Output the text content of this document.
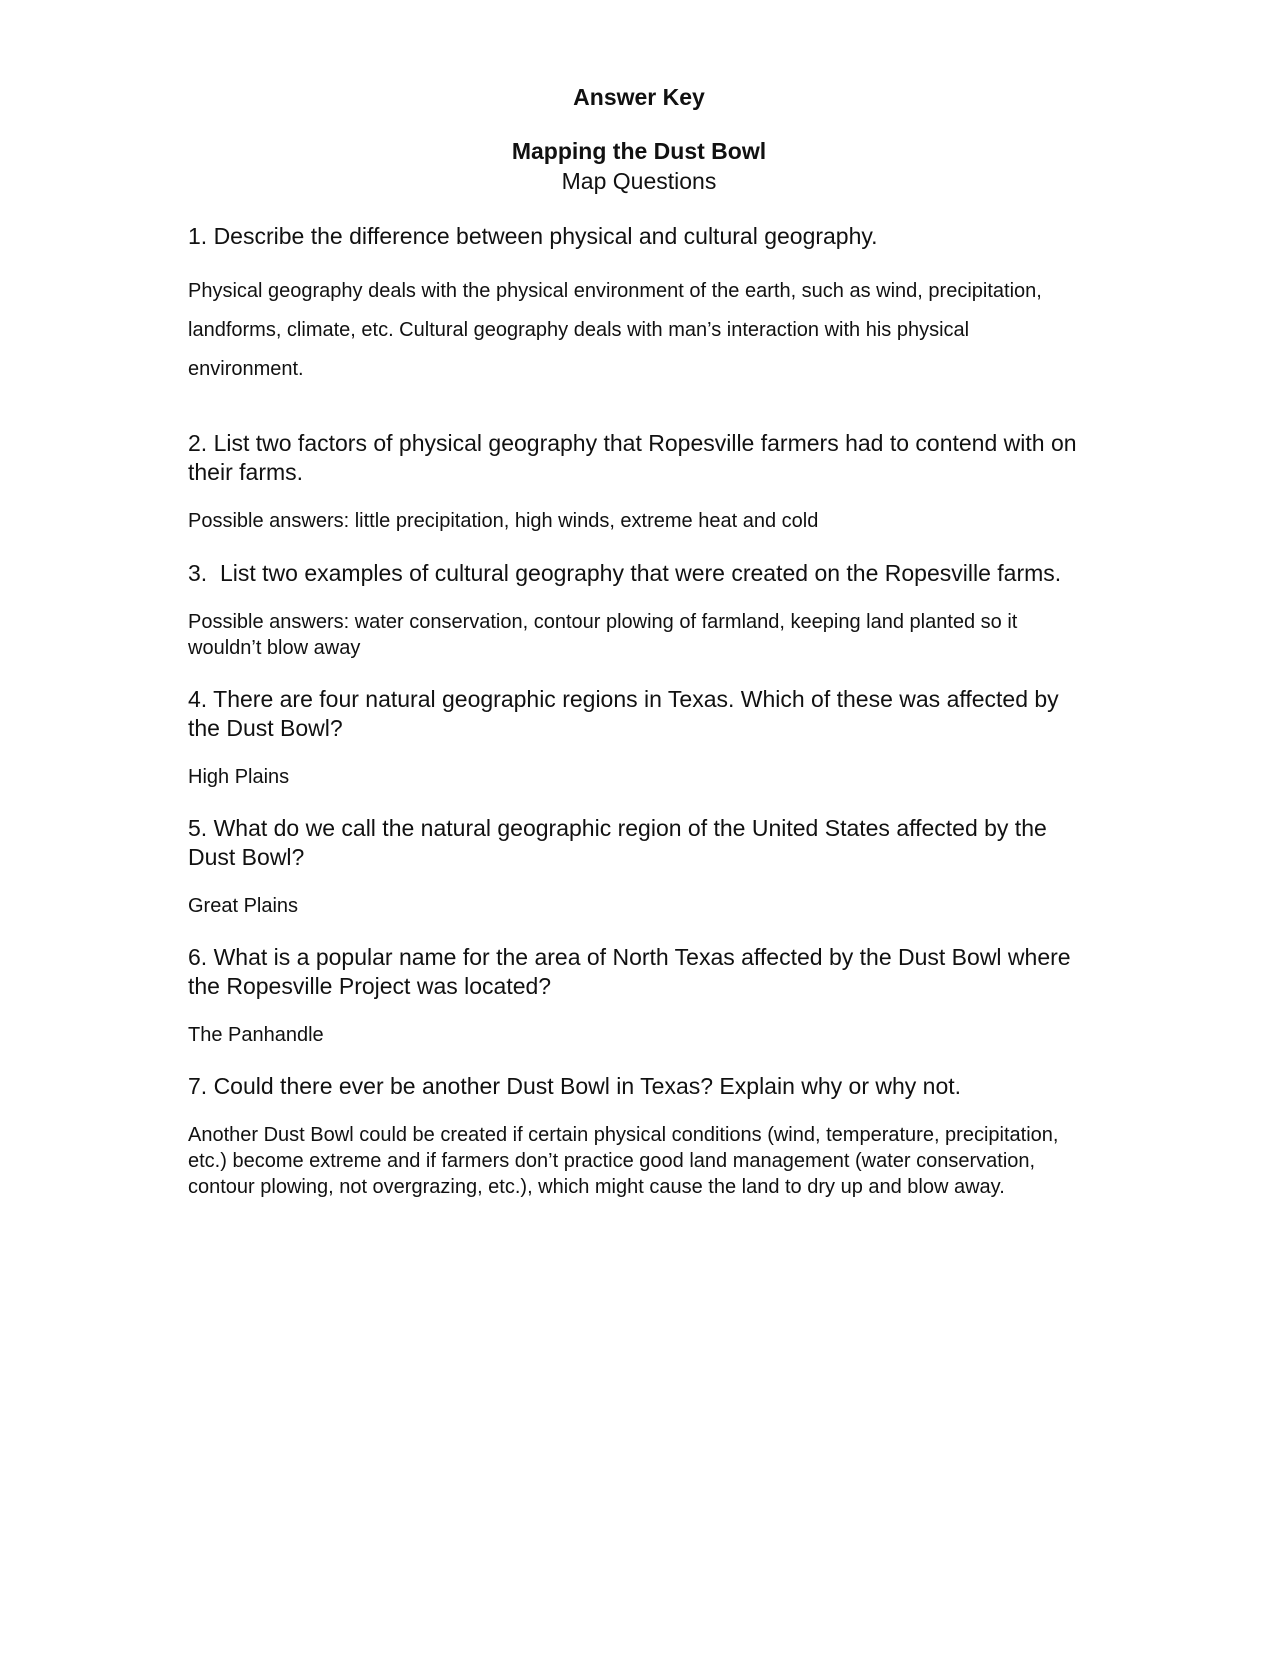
Answer Key

Mapping the Dust Bowl

Map Questions

1. Describe the difference between physical and cultural geography.

Physical geography deals with the physical environment of the earth, such as wind, precipitation, landforms, climate, etc. Cultural geography deals with man’s interaction with his physical environment.

2. List two factors of physical geography that Ropesville farmers had to contend with on their farms.

Possible answers: little precipitation, high winds, extreme heat and cold

3.  List two examples of cultural geography that were created on the Ropesville farms.

Possible answers: water conservation, contour plowing of farmland, keeping land planted so it wouldn’t blow away

4. There are four natural geographic regions in Texas. Which of these was affected by the Dust Bowl?

High Plains

5. What do we call the natural geographic region of the United States affected by the Dust Bowl?

Great Plains

6. What is a popular name for the area of North Texas affected by the Dust Bowl where the Ropesville Project was located?

The Panhandle

7. Could there ever be another Dust Bowl in Texas? Explain why or why not.

Another Dust Bowl could be created if certain physical conditions (wind, temperature, precipitation, etc.) become extreme and if farmers don’t practice good land management (water conservation, contour plowing, not overgrazing, etc.), which might cause the land to dry up and blow away.
